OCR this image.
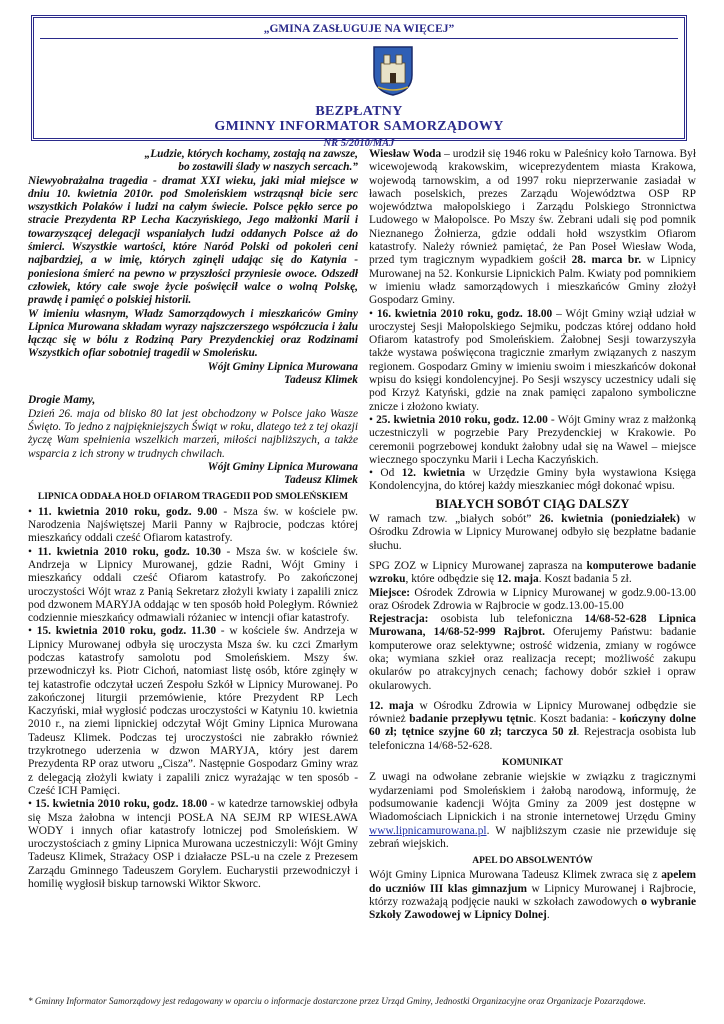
„GMINA ZASŁUGUJE NA WIĘCEJ”
BEZPŁATNY
GMINNY INFORMATOR SAMORZĄDOWY
NR 5/2010/MAJ

„Ludzie, których kochamy, zostają na zawsze,

bo zostawili ślady w naszych sercach.”

Niewyobrażalna tragedia - dramat XXI wieku, jaki miał miejsce w dniu 10. kwietnia 2010r. pod Smoleńskiem wstrząsnął bicie serc wszystkich Polaków i ludzi na całym świecie. Polsce pękło serce po stracie Prezydenta RP Lecha Kaczyńskiego, Jego małżonki Marii i towarzyszącej delegacji wspaniałych ludzi oddanych Polsce aż do śmierci. Wszystkie wartości, które Naród Polski od pokoleń ceni najbardziej, a w imię, których zginęli udając się do Katynia - poniesiona śmierć na pewno w przyszłości przyniesie owoce. Odszedł człowiek, który całe swoje życie poświęcił walce o wolną Polskę, prawdę i pamięć o polskiej historii.

W imieniu własnym, Władz Samorządowych i mieszkańców Gminy Lipnica Murowana składam wyrazy najszczerszego współczucia i żalu łącząc się w bólu z Rodziną Pary Prezydenckiej oraz Rodzinami Wszystkich ofiar sobotniej tragedii w Smoleńsku.

Wójt Gminy Lipnica Murowana

Tadeusz Klimek

Drogie Mamy,

Dzień 26. maja od blisko 80 lat jest obchodzony w Polsce jako Wasze Święto. To jedno z najpiękniejszych Świąt w roku, dlatego też z tej okazji życzę Wam spełnienia wszelkich marzeń, miłości najbliższych, a także wsparcia z ich strony w trudnych chwilach.

Wójt Gminy Lipnica Murowana

Tadeusz Klimek

LIPNICA ODDAŁA HOŁD OFIAROM TRAGEDII POD SMOLEŃSKIEM

• 11. kwietnia 2010 roku, godz. 9.00 - Msza św. w kościele pw. Narodzenia Najświętszej Marii Panny w Rajbrocie, podczas której mieszkańcy oddali cześć Ofiarom katastrofy.

• 11. kwietnia 2010 roku, godz. 10.30 - Msza św. w kościele św. Andrzeja w Lipnicy Murowanej, gdzie Radni, Wójt Gminy i mieszkańcy oddali cześć Ofiarom katastrofy. Po zakończonej uroczystości Wójt wraz z Panią Sekretarz złożyli kwiaty i zapalili znicz pod dzwonem MARYJA oddając w ten sposób hołd Poległym. Również codziennie mieszkańcy odmawiali różaniec w intencji ofiar katastrofy.

• 15. kwietnia 2010 roku, godz. 11.30 - w kościele św. Andrzeja w Lipnicy Murowanej odbyła się uroczysta Msza św. ku czci Zmarłym podczas katastrofy samolotu pod Smoleńskiem. Mszy św. przewodniczył ks. Piotr Cichoń, natomiast listę osób, które zginęły w tej katastrofie odczytał uczeń Zespołu Szkół w Lipnicy Murowanej. Po zakończonej liturgii przemówienie, które Prezydent RP Lech Kaczyński, miał wygłosić podczas uroczystości w Katyniu 10. kwietnia 2010 r., na ziemi lipnickiej odczytał Wójt Gminy Lipnica Murowana Tadeusz Klimek. Podczas tej uroczystości nie zabrakło również trzykrotnego uderzenia w dzwon MARYJA, który jest darem Prezydenta RP oraz utworu „Cisza”. Następnie Gospodarz Gminy wraz z delegacją złożyli kwiaty i zapalili znicz wyrażając w ten sposób - Cześć ICH Pamięci.

• 15. kwietnia 2010 roku, godz. 18.00 - w katedrze tarnowskiej odbyła się Msza żałobna w intencji POSŁA NA SEJM RP WIESŁAWA WODY i innych ofiar katastrofy lotniczej pod Smoleńskiem. W uroczystościach z gminy Lipnica Murowana uczestniczyli: Wójt Gminy Tadeusz Klimek, Strażacy OSP i działacze PSL-u na czele z Prezesem Zarządu Gminnego Tadeuszem Gorylem. Eucharystii przewodniczył i homilię wygłosił biskup tarnowski Wiktor Skworc.

Wiesław Woda – urodził się 1946 roku w Paleśnicy koło Tarnowa. Był wicewojewodą krakowskim, wiceprezydentem miasta Krakowa, wojewodą tarnowskim, a od 1997 roku nieprzerwanie zasiadał w ławach poselskich, prezes Zarządu Województwa OSP RP województwa małopolskiego i Zarządu Polskiego Stronnictwa Ludowego w Małopolsce. Po Mszy św. Zebrani udali się pod pomnik Nieznanego Żołnierza, gdzie oddali hołd wszystkim Ofiarom katastrofy. Należy również pamiętać, że Pan Poseł Wiesław Woda, przed tym tragicznym wypadkiem gościł 28. marca br. w Lipnicy Murowanej na 52. Konkursie Lipnickich Palm. Kwiaty pod pomnikiem w imieniu władz samorządowych i mieszkańców Gminy złożył Gospodarz Gminy.

• 16. kwietnia 2010 roku, godz. 18.00 – Wójt Gminy wziął udział w uroczystej Sesji Małopolskiego Sejmiku, podczas której oddano hołd Ofiarom katastrofy pod Smoleńskiem. Żałobnej Sesji towarzyszyła także wystawa poświęcona tragicznie zmarłym związanych z naszym regionem. Gospodarz Gminy w imieniu swoim i mieszkańców dokonał wpisu do księgi kondolencyjnej. Po Sesji wszyscy uczestnicy udali się pod Krzyż Katyński, gdzie na znak pamięci zapalono symboliczne znicze i złożono kwiaty.

• 25. kwietnia 2010 roku, godz. 12.00 - Wójt Gminy wraz z małżonką uczestniczyli w pogrzebie Pary Prezydenckiej w Krakowie. Po ceremonii pogrzebowej kondukt żałobny udał się na Wawel – miejsce wiecznego spoczynku Marii i Lecha Kaczyńskich.

• Od 12. kwietnia w Urzędzie Gminy była wystawiona Księga Kondolencyjna, do której każdy mieszkaniec mógł dokonać wpisu.

BIAŁYCH SOBÓT CIĄG DALSZY

W ramach tzw. „białych sobót” 26. kwietnia (poniedziałek) w Ośrodku Zdrowia w Lipnicy Murowanej odbyło się bezpłatne badanie słuchu.

SPG ZOZ w Lipnicy Murowanej zaprasza na komputerowe badanie wzroku, które odbędzie się 12. maja. Koszt badania 5 zł.

Miejsce: Ośrodek Zdrowia w Lipnicy Murowanej w godz.9.00-13.00 oraz Ośrodek Zdrowia w Rajbrocie w godz.13.00-15.00

Rejestracja: osobista lub telefoniczna 14/68-52-628 Lipnica Murowana, 14/68-52-999 Rajbrot. Oferujemy Państwu: badanie komputerowe oraz selektywne; ostrość widzenia, zmiany w rogówce oka; wymiana szkieł oraz realizacja recept; możliwość zakupu okularów po atrakcyjnych cenach; fachowy dobór szkieł i opraw okularowych.

12. maja w Ośrodku Zdrowia w Lipnicy Murowanej odbędzie sie również badanie przepływu tętnic. Koszt badania: - kończyny dolne 60 zł; tętnice szyjne 60 zł; tarczyca 50 zł. Rejestracja osobista lub telefoniczna 14/68-52-628.

KOMUNIKAT

Z uwagi na odwołane zebranie wiejskie w związku z tragicznymi wydarzeniami pod Smoleńskiem i żałobą narodową, informuję, że podsumowanie kadencji Wójta Gminy za 2009 jest dostępne w Wiadomościach Lipnickich i na stronie internetowej Urzędu Gminy www.lipnicamurowana.pl. W najbliższym czasie nie przewiduje się zebrań wiejskich.

APEL DO ABSOLWENTÓW

Wójt Gminy Lipnica Murowana Tadeusz Klimek zwraca się z apelem do uczniów III klas gimnazjum w Lipnicy Murowanej i Rajbrocie, którzy rozważają podjęcie nauki w szkołach zawodowych o wybranie Szkoły Zawodowej w Lipnicy Dolnej.

* Gminny Informator Samorządowy jest redagowany w oparciu o informacje dostarczone przez Urząd Gminy, Jednostki Organizacyjne oraz Organizacje Pozarządowe.
